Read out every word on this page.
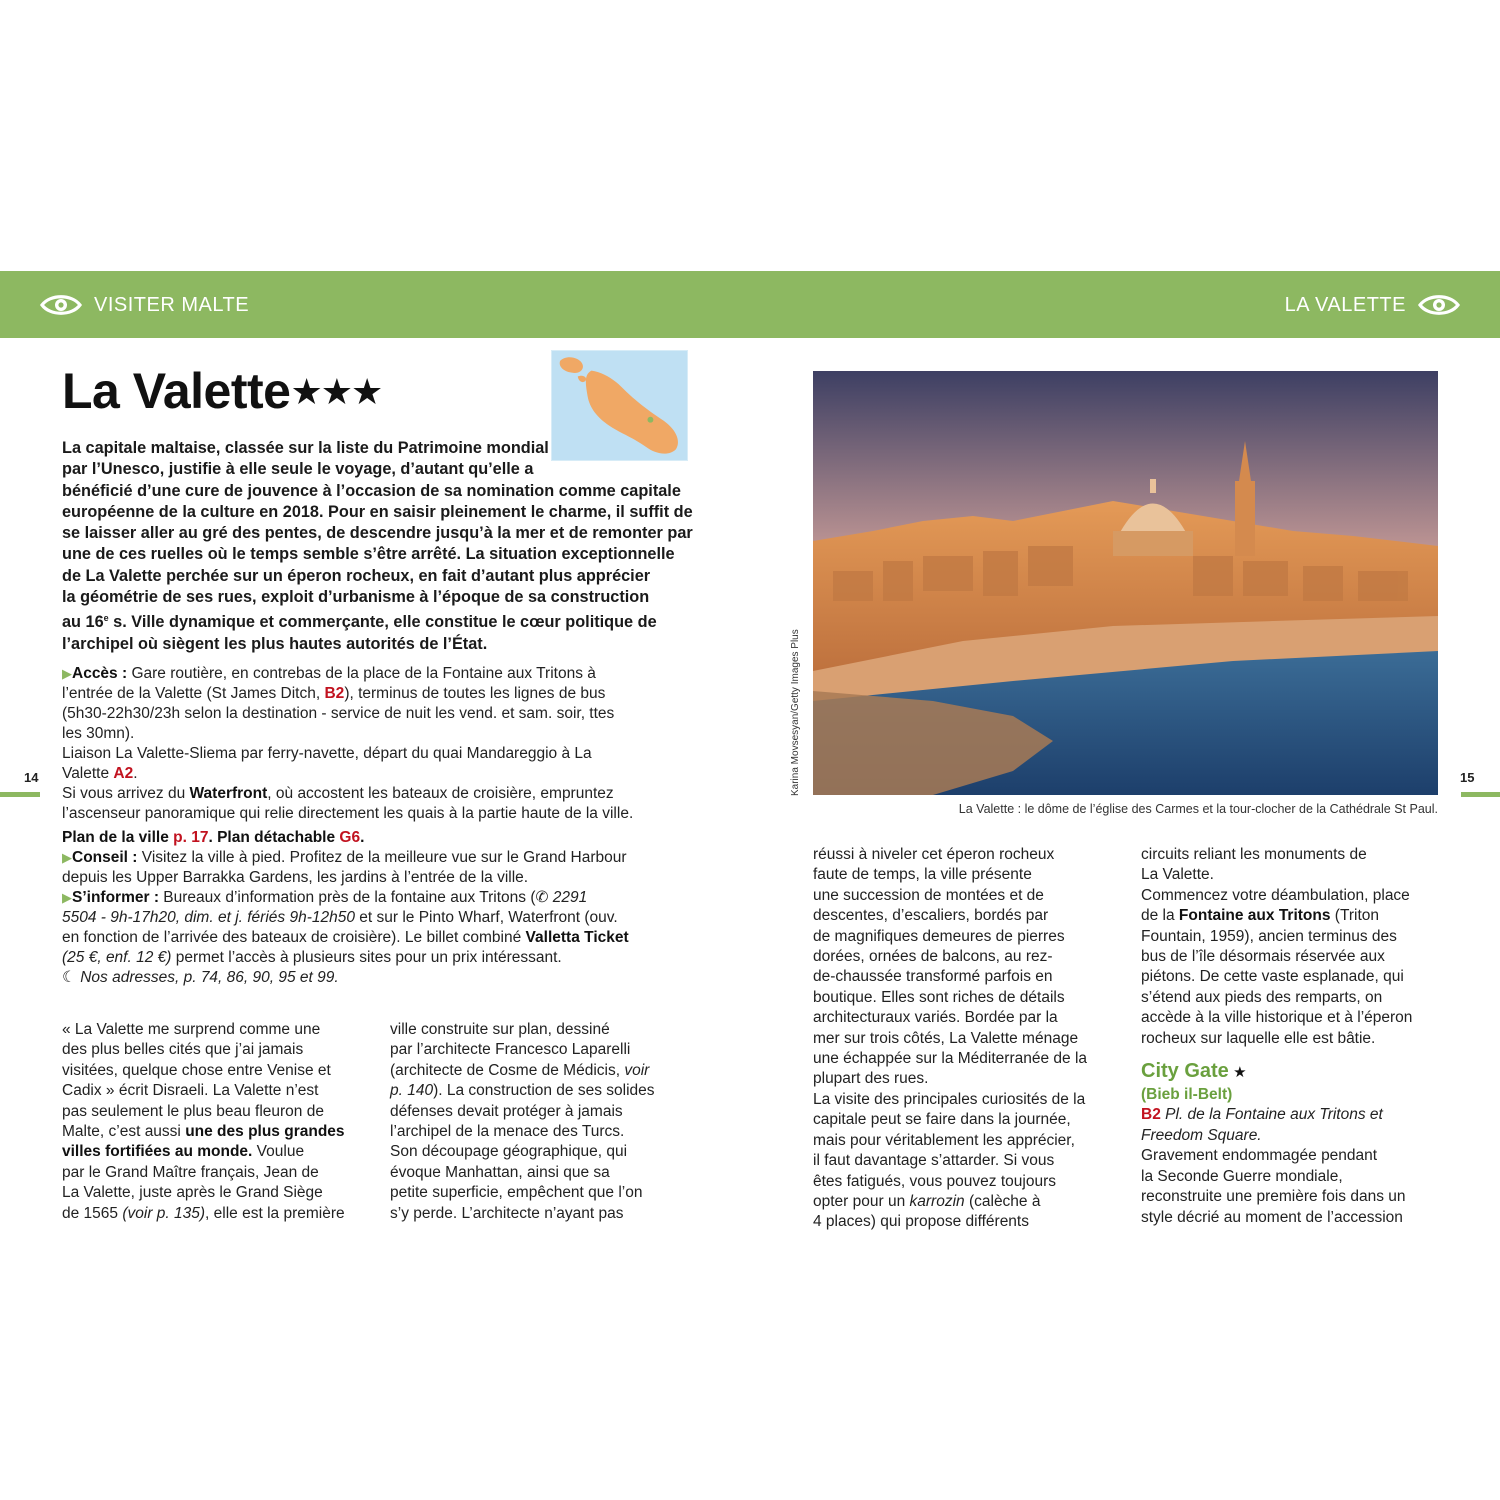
VISITER MALTE	LA VALETTE
14	15
La Valette★★★
La capitale maltaise, classée sur la liste du Patrimoine mondial
par l’Unesco, justifie à elle seule le voyage, d’autant qu’elle a
bénéficié d’une cure de jouvence à l’occasion de sa nomination comme capitale
européenne de la culture en 2018. Pour en saisir pleinement le charme, il suffit de
se laisser aller au gré des pentes, de descendre jusqu’à la mer et de remonter par
une de ces ruelles où le temps semble s’être arrêté. La situation exceptionnelle
de La Valette perchée sur un éperon rocheux, en fait d’autant plus apprécier
la géométrie de ses rues, exploit d’urbanisme à l’époque de sa construction
au 16e s. Ville dynamique et commerçante, elle constitue le cœur politique de
l’archipel où siègent les plus hautes autorités de l’État.
▶Accès : Gare routière, en contrebas de la place de la Fontaine aux Tritons à
l’entrée de la Valette (St James Ditch, B2), terminus de toutes les lignes de bus
(5h30-22h30/23h selon la destination - service de nuit les vend. et sam. soir, ttes
les 30mn).
Liaison La Valette-Sliema par ferry-navette, départ du quai Mandareggio à La
Valette A2.
Si vous arrivez du Waterfront, où accostent les bateaux de croisière, empruntez
l’ascenseur panoramique qui relie directement les quais à la partie haute de la ville.
Plan de la ville p. 17. Plan détachable G6.
▶Conseil : Visitez la ville à pied. Profitez de la meilleure vue sur le Grand Harbour
depuis les Upper Barrakka Gardens, les jardins à l’entrée de la ville.
▶S’informer : Bureaux d’information près de la fontaine aux Tritons (✆ 2291
5504 - 9h-17h20, dim. et j. fériés 9h-12h50 et sur le Pinto Wharf, Waterfront (ouv.
en fonction de l’arrivée des bateaux de croisière). Le billet combiné Valletta Ticket
(25 €, enf. 12 €) permet l’accès à plusieurs sites pour un prix intéressant.
☾ Nos adresses, p. 74, 86, 90, 95 et 99.
« La Valette me surprend comme une
des plus belles cités que j’ai jamais
visitées, quelque chose entre Venise et
Cadix » écrit Disraeli. La Valette n’est
pas seulement le plus beau fleuron de
Malte, c’est aussi une des plus grandes
villes fortifiées au monde. Voulue
par le Grand Maître français, Jean de
La Valette, juste après le Grand Siège
de 1565 (voir p. 135), elle est la première
ville construite sur plan, dessiné
par l’architecte Francesco Laparelli
(architecte de Cosme de Médicis, voir
p. 140). La construction de ses solides
défenses devait protéger à jamais
l’archipel de la menace des Turcs.
Son découpage géographique, qui
évoque Manhattan, ainsi que sa
petite superficie, empêchent que l’on
s’y perde. L’architecte n’ayant pas
Karina Movsesyan/Getty Images Plus
La Valette : le dôme de l’église des Carmes et la tour-clocher de la Cathédrale St Paul.
réussi à niveler cet éperon rocheux
faute de temps, la ville présente
une succession de montées et de
descentes, d’escaliers, bordés par
de magnifiques demeures de pierres
dorées, ornées de balcons, au rez-
de-chaussée transformé parfois en
boutique. Elles sont riches de détails
architecturaux variés. Bordée par la
mer sur trois côtés, La Valette ménage
une échappée sur la Méditerranée de la
plupart des rues.
La visite des principales curiosités de la
capitale peut se faire dans la journée,
mais pour véritablement les apprécier,
il faut davantage s’attarder. Si vous
êtes fatigués, vous pouvez toujours
opter pour un karrozin (calèche à
4 places) qui propose différents
circuits reliant les monuments de
La Valette.
Commencez votre déambulation, place
de la Fontaine aux Tritons (Triton
Fountain, 1959), ancien terminus des
bus de l’île désormais réservée aux
piétons. De cette vaste esplanade, qui
s’étend aux pieds des remparts, on
accède à la ville historique et à l’éperon
rocheux sur laquelle elle est bâtie.
City Gate ★
(Bieb il-Belt)
B2 Pl. de la Fontaine aux Tritons et
Freedom Square.
Gravement endommagée pendant
la Seconde Guerre mondiale,
reconstruite une première fois dans un
style décrié au moment de l’accession
